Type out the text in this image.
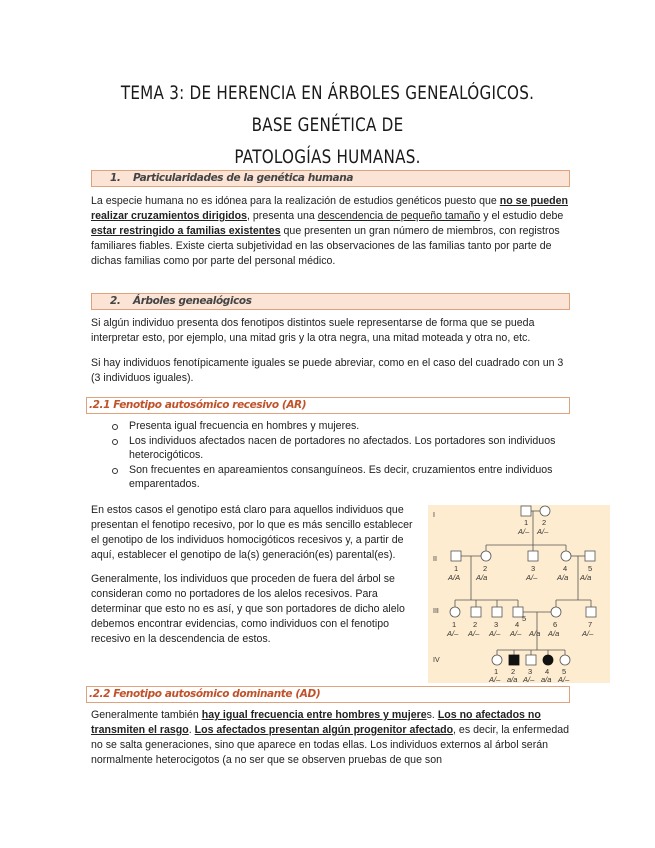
TEMA 3: DE HERENCIA EN ÁRBOLES GENEALÓGICOS. BASE GENÉTICA DE
PATOLOGÍAS HUMANAS.
1. Particularidades de la genética humana
La especie humana no es idónea para la realización de estudios genéticos puesto que no se pueden realizar cruzamientos dirigidos, presenta una descendencia de pequeño tamaño y el estudio debe estar restringido a familias existentes que presenten un gran número de miembros, con registros familiares fiables. Existe cierta subjetividad en las observaciones de las familias tanto por parte de dichas familias como por parte del personal médico.
2. Árboles genealógicos
Si algún individuo presenta dos fenotipos distintos suele representarse de forma que se pueda interpretar esto, por ejemplo, una mitad gris y la otra negra, una mitad moteada y otra no, etc.
Si hay individuos fenotípicamente iguales se puede abreviar, como en el caso del cuadrado con un 3 (3 individuos iguales).
.2.1 Fenotipo autosómico recesivo (AR)
Presenta igual frecuencia en hombres y mujeres.
Los individuos afectados nacen de portadores no afectados. Los portadores son individuos heterocigóticos.
Son frecuentes en apareamientos consanguíneos. Es decir, cruzamientos entre individuos emparentados.
En estos casos el genotipo está claro para aquellos individuos que presentan el fenotipo recesivo, por lo que es más sencillo establecer el genotipo de los individuos homocigóticos recesivos y, a partir de aquí, establecer el genotipo de la(s) generación(es) parental(es).
Generalmente, los individuos que proceden de fuera del árbol se consideran como no portadores de los alelos recesivos. Para determinar que esto no es así, y que son portadores de dicho alelo debemos encontrar evidencias, como individuos con el fenotipo recesivo en la descendencia de estos.
I
II
III
IV
1 2
A/– A/–
1	2	3	4	5
A/A A/a	A/–	A/a A/a
1 2 3 4
5
6	7
A/– A/– A/– A/– A/a A/a	A/–
1 2 3 4 5
A/– a/a A/– a/a A/–
.2.2 Fenotipo autosómico dominante (AD)
Generalmente también hay igual frecuencia entre hombres y mujeres. Los no afectados no transmiten el rasgo. Los afectados presentan algún progenitor afectado, es decir, la enfermedad no se salta generaciones, sino que aparece en todas ellas. Los individuos externos al árbol serán normalmente heterocigotos (a no ser que se observen pruebas de que son
